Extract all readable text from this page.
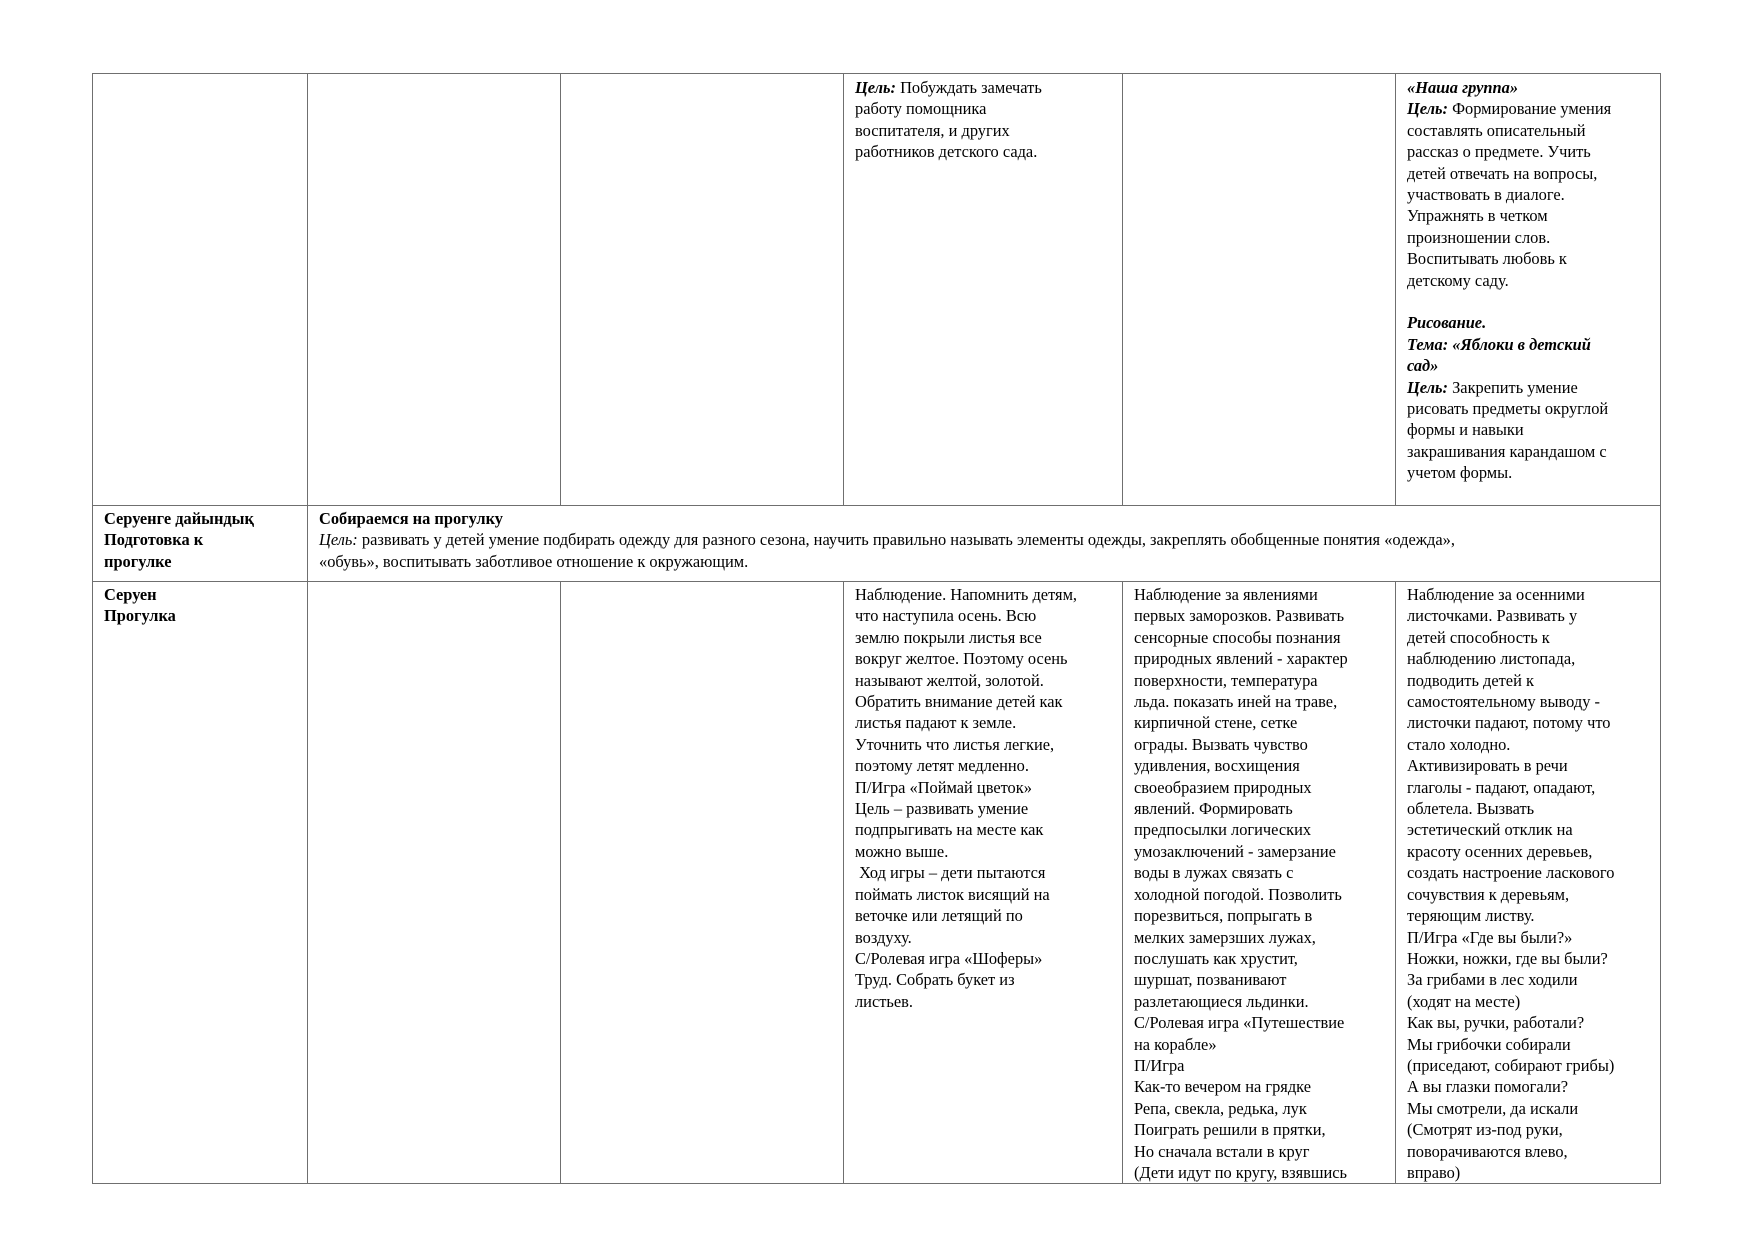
Цель: Побуждать замечать
работу помощника
воспитателя, и других
работников детского сада.
«Наша группа»
Цель: Формирование умения
составлять описательный
рассказ о предмете. Учить
детей отвечать на вопросы,
участвовать в диалоге.
Упражнять в четком
произношении слов.
Воспитывать любовь к
детскому саду.
Рисование.
Тема: «Яблоки в детский
сад»
Цель: Закрепить умение
рисовать предметы округлой
формы и навыки
закрашивания карандашом с
учетом формы.
Серуенге дайындық
Подготовка к
прогулке
Собираемся на прогулку
Цель: развивать у детей умение подбирать одежду для разного сезона, научить правильно называть элементы одежды, закреплять обобщенные понятия «одежда»,
«обувь», воспитывать заботливое отношение к окружающим.
Серуен
Прогулка
Наблюдение. Напомнить детям,
что наступила осень. Всю
землю покрыли листья все
вокруг желтое. Поэтому осень
называют желтой, золотой.
Обратить внимание детей как
листья падают к земле.
Уточнить что листья легкие,
поэтому летят медленно.
П/Игра «Поймай цветок»
Цель – развивать умение
подпрыгивать на месте как
можно выше.
Ход игры – дети пытаются
поймать листок висящий на
веточке или летящий по
воздуху.
С/Ролевая игра «Шоферы»
Труд. Собрать букет из
листьев.
Наблюдение за явлениями
первых заморозков. Развивать
сенсорные способы познания
природных явлений - характер
поверхности, температура
льда. показать иней на траве,
кирпичной стене, сетке
ограды. Вызвать чувство
удивления, восхищения
своеобразием природных
явлений. Формировать
предпосылки логических
умозаключений - замерзание
воды в лужах связать с
холодной погодой. Позволить
порезвиться, попрыгать в
мелких замерзших лужах,
послушать как хрустит,
шуршат, позванивают
разлетающиеся льдинки.
С/Ролевая игра «Путешествие
на корабле»
П/Игра
Как-то вечером на грядке
Репа, свекла, редька, лук
Поиграть решили в прятки,
Но сначала встали в круг
(Дети идут по кругу, взявшись
Наблюдение за осенними
листочками. Развивать у
детей способность к
наблюдению листопада,
подводить детей к
самостоятельному выводу -
листочки падают, потому что
стало холодно.
Активизировать в речи
глаголы - падают, опадают,
облетела. Вызвать
эстетический отклик на
красоту осенних деревьев,
создать настроение ласкового
сочувствия к деревьям,
теряющим листву.
П/Игра «Где вы были?»
Ножки, ножки, где вы были?
За грибами в лес ходили
(ходят на месте)
Как вы, ручки, работали?
Мы грибочки собирали
(приседают, собирают грибы)
А вы глазки помогали?
Мы смотрели, да искали
(Смотрят из-под руки,
поворачиваются влево,
вправо)
